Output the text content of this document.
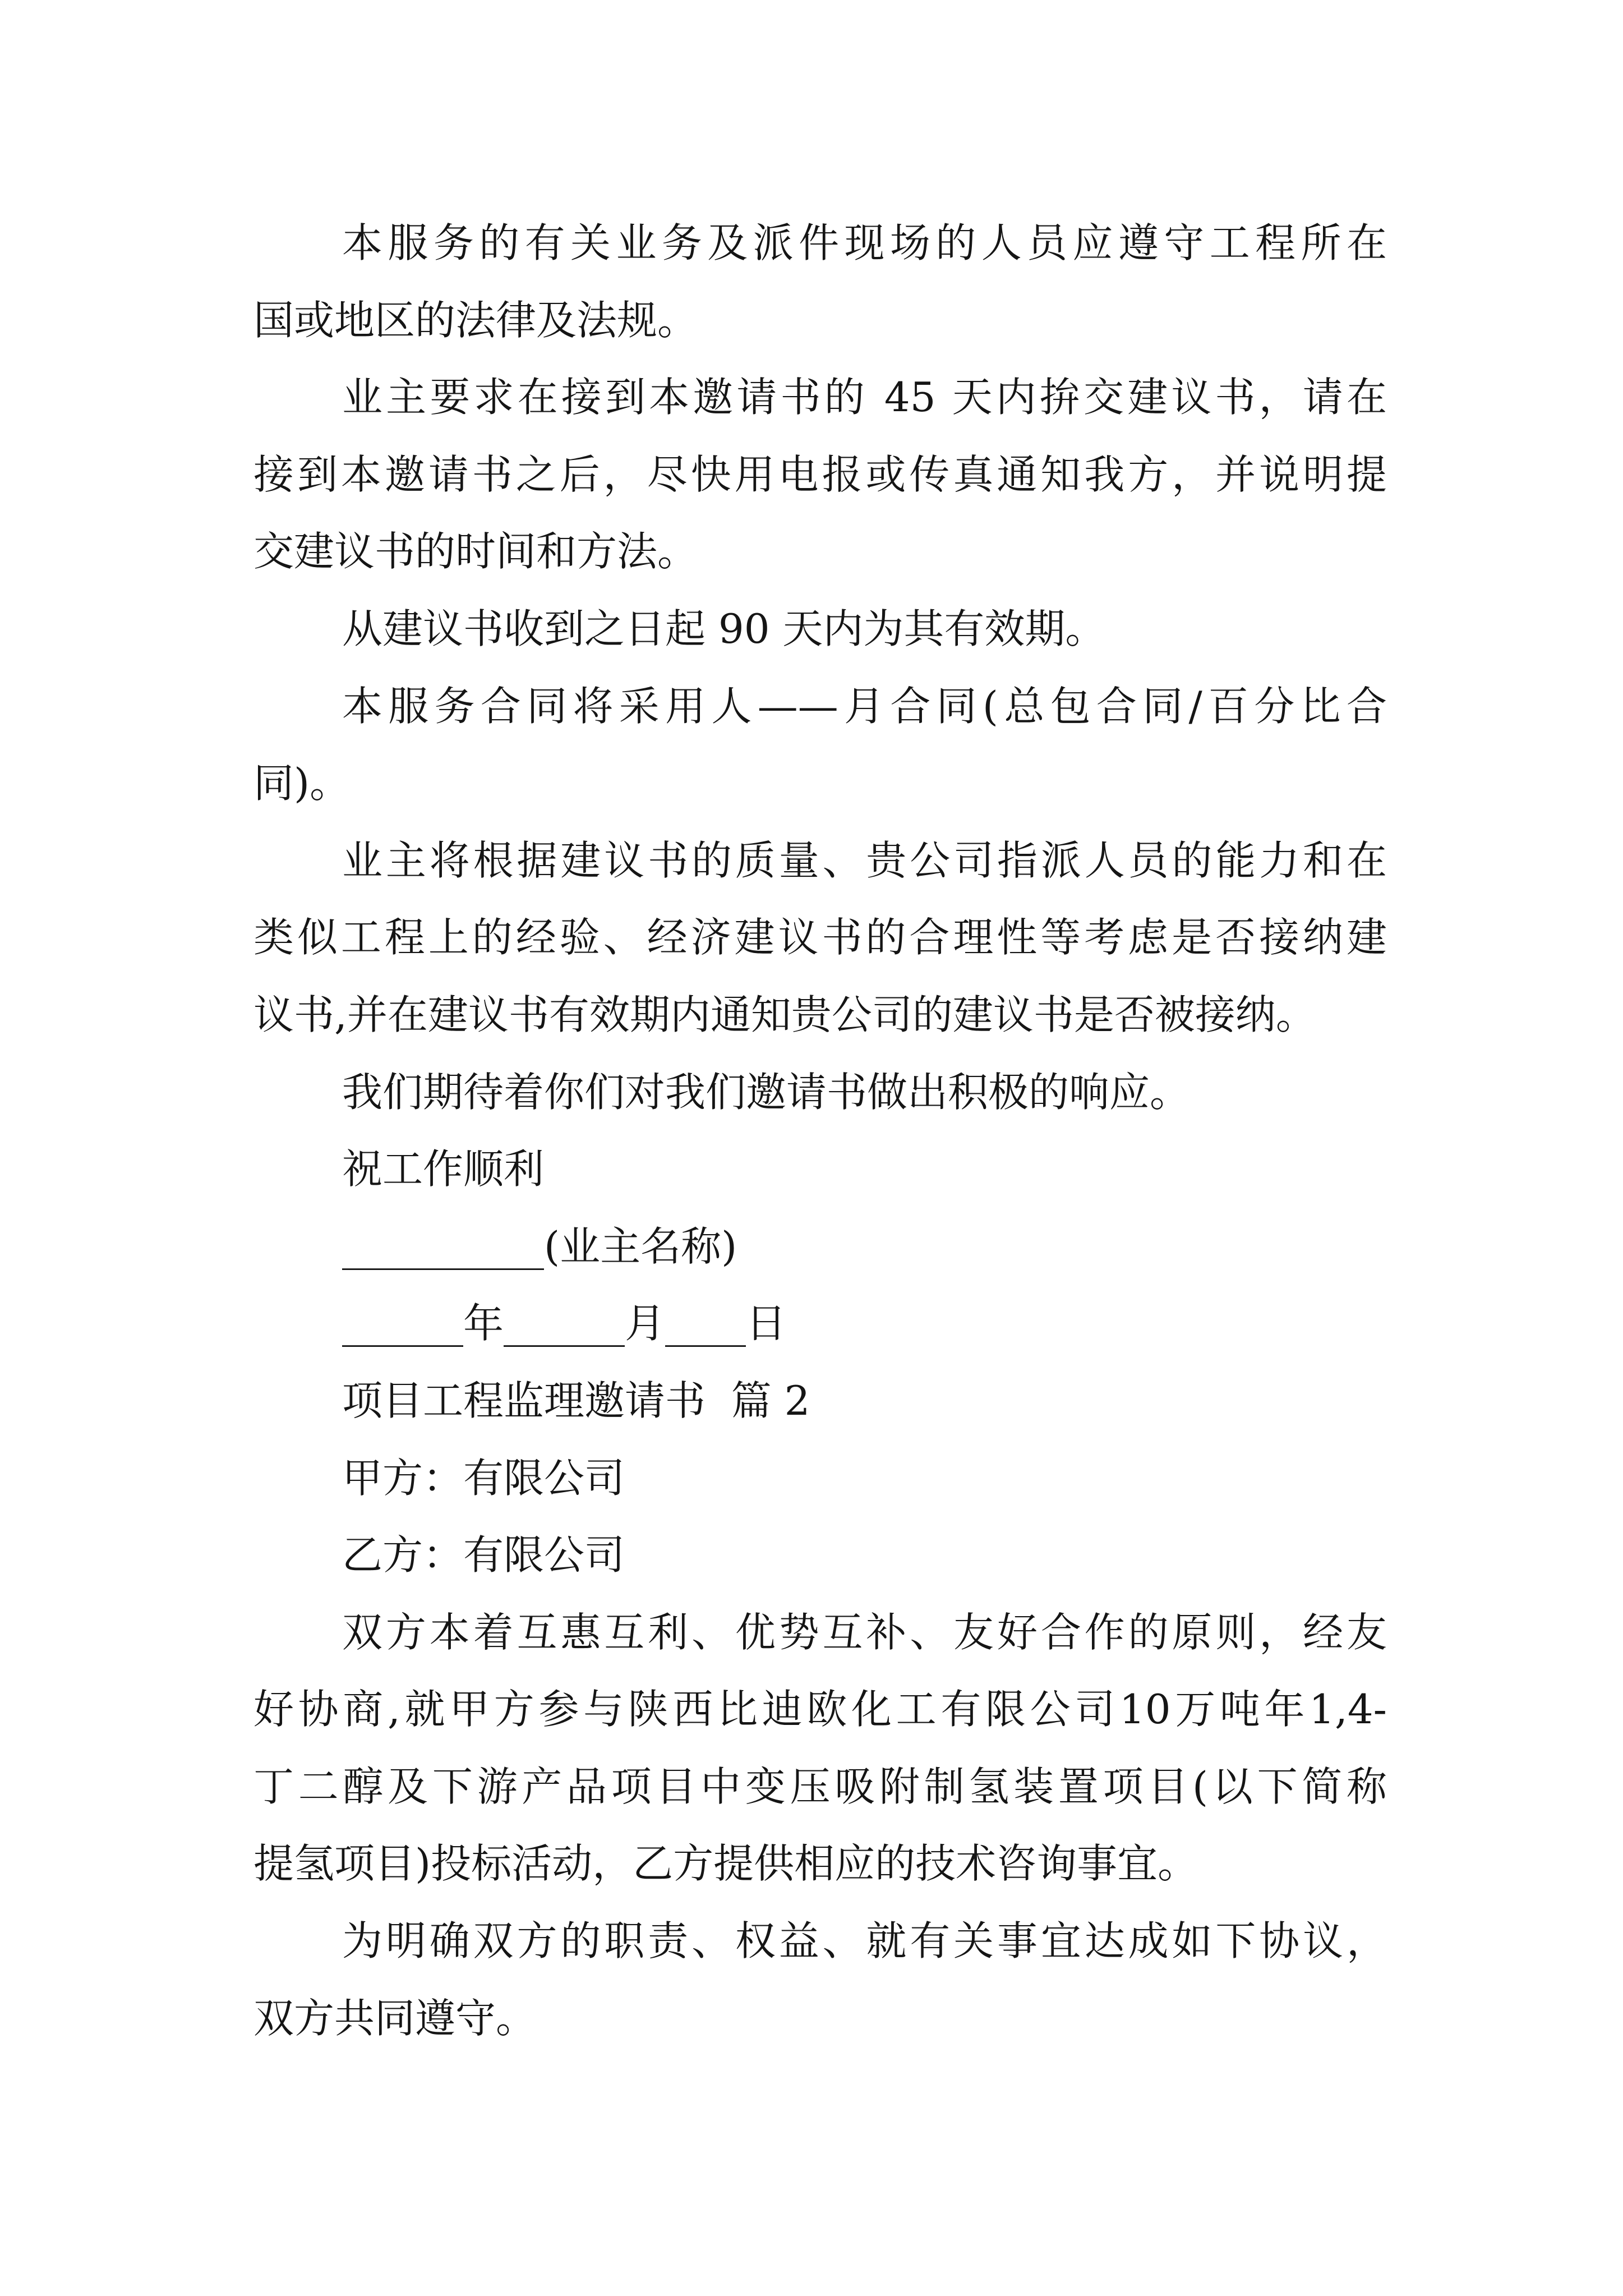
本服务的有关业务及派件现场的人员应遵守工程所在
国或地区的法律及法规。
业主要求在接到本邀请书的 45 天内拚交建议书，请在
接到本邀请书之后，尽快用电报或传真通知我方，并说明提
交建议书的时间和方法。
从建议书收到之日起 90 天内为其有效期。
本服务合同将采用人——月合同(总包合同/百分比合
同)。
业主将根据建议书的质量、贵公司指派人员的能力和在
类似工程上的经验、经济建议书的合理性等考虑是否接纳建
议书,并在建议书有效期内通知贵公司的建议书是否被接纳。
我们期待着你们对我们邀请书做出积极的响应。
祝工作顺利
__________(业主名称)
______年______月____日
项目工程监理邀请书  篇 2
甲方：有限公司
乙方：有限公司
双方本着互惠互利、优势互补、友好合作的原则，经友
好协商,就甲方参与陕西比迪欧化工有限公司10万吨年1,4-
丁二醇及下游产品项目中变压吸附制氢装置项目(以下简称
提氢项目)投标活动，乙方提供相应的技术咨询事宜。
为明确双方的职责、权益、就有关事宜达成如下协议，
双方共同遵守。
